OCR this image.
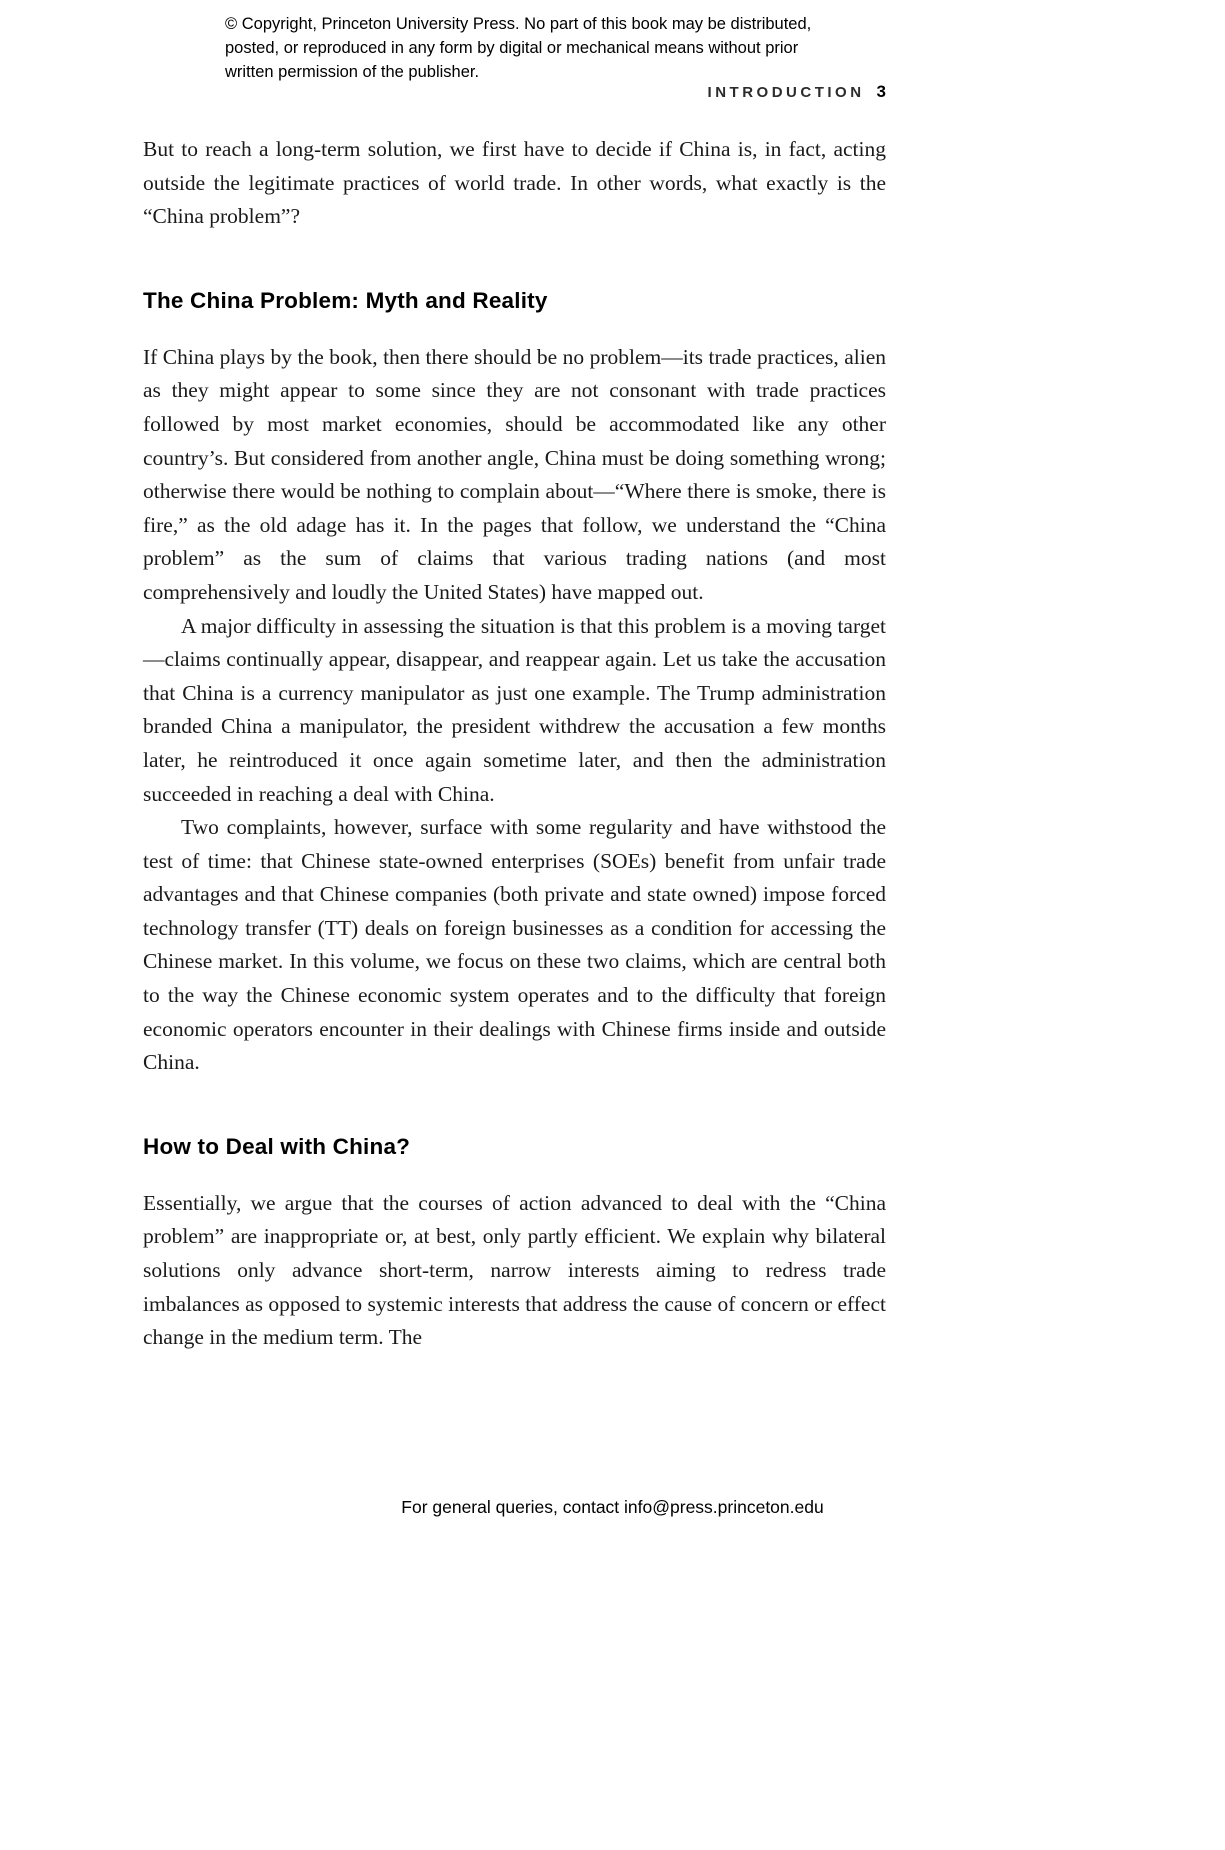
© Copyright, Princeton University Press. No part of this book may be distributed, posted, or reproduced in any form by digital or mechanical means without prior written permission of the publisher.
INTRODUCTION 3

But to reach a long-term solution, we first have to decide if China is, in fact, acting outside the legitimate practices of world trade. In other words, what exactly is the “China problem”?

The China Problem: Myth and Reality

If China plays by the book, then there should be no problem—its trade practices, alien as they might appear to some since they are not consonant with trade practices followed by most market economies, should be accommodated like any other country’s. But considered from another angle, China must be doing something wrong; otherwise there would be nothing to complain about—“Where there is smoke, there is fire,” as the old adage has it. In the pages that follow, we understand the “China problem” as the sum of claims that various trading nations (and most comprehensively and loudly the United States) have mapped out.

A major difficulty in assessing the situation is that this problem is a moving target—claims continually appear, disappear, and reappear again. Let us take the accusation that China is a currency manipulator as just one example. The Trump administration branded China a manipulator, the president withdrew the accusation a few months later, he reintroduced it once again sometime later, and then the administration succeeded in reaching a deal with China.

Two complaints, however, surface with some regularity and have withstood the test of time: that Chinese state-owned enterprises (SOEs) benefit from unfair trade advantages and that Chinese companies (both private and state owned) impose forced technology transfer (TT) deals on foreign businesses as a condition for accessing the Chinese market. In this volume, we focus on these two claims, which are central both to the way the Chinese economic system operates and to the difficulty that foreign economic operators encounter in their dealings with Chinese firms inside and outside China.

How to Deal with China?

Essentially, we argue that the courses of action advanced to deal with the “China problem” are inappropriate or, at best, only partly efficient. We explain why bilateral solutions only advance short-term, narrow interests aiming to redress trade imbalances as opposed to systemic interests that address the cause of concern or effect change in the medium term. The

For general queries, contact info@press.princeton.edu
